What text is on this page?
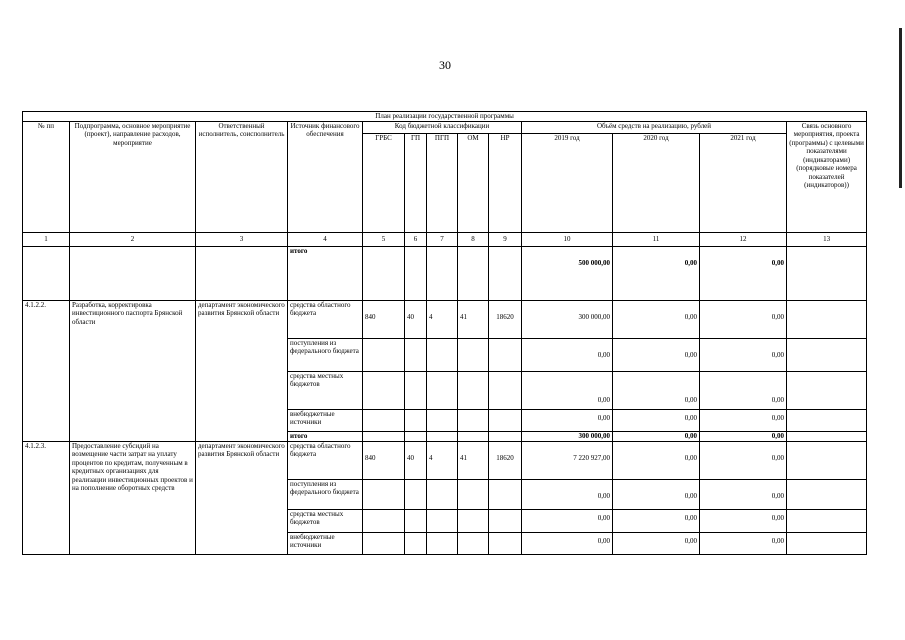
30
План реализации государственной программы												
№ пп	Подпрограмма, основное мероприятие (проект), направление расходов, мероприятие	Ответственный исполнитель, соисполнитель	Источник финансового обеспечения	Код бюджетной классификации					Объём средств на реализацию, рублей			Связь основного мероприятия, проекта (программы) с целевыми показателями (индикаторами) (порядковые номера показателей (индикаторов))
				ГРБС	ГП	ПГП	ОМ	НР	2019 год	2020 год	2021 год	
1	2	3	4	5	6	7	8	9	10	11	12	13
			итого						500 000,00	0,00	0,00	
4.1.2.2.	Разработка, корректировка инвестиционного паспорта Брянской области	департамент экономического развития Брянской области	средства областного бюджета	840	40	4	41	18620	300 000,00	0,00	0,00	
			поступления из федерального бюджета						0,00	0,00	0,00	
			средства местных бюджетов						0,00	0,00	0,00	
			внебюджетные источники						0,00	0,00	0,00	
			итого						300 000,00	0,00	0,00	
4.1.2.3.	Предоставление субсидий на возмещение части затрат на уплату процентов по кредитам, полученным в кредитных организациях для реализации инвестиционных проектов и на пополнение оборотных средств	департамент экономического развития Брянской области	средства областного бюджета	840	40	4	41	18620	7 220 927,00	0,00	0,00	
			поступления из федерального бюджета						0,00	0,00	0,00	
			средства местных бюджетов						0,00	0,00	0,00	
			внебюджетные источники						0,00	0,00	0,00	
